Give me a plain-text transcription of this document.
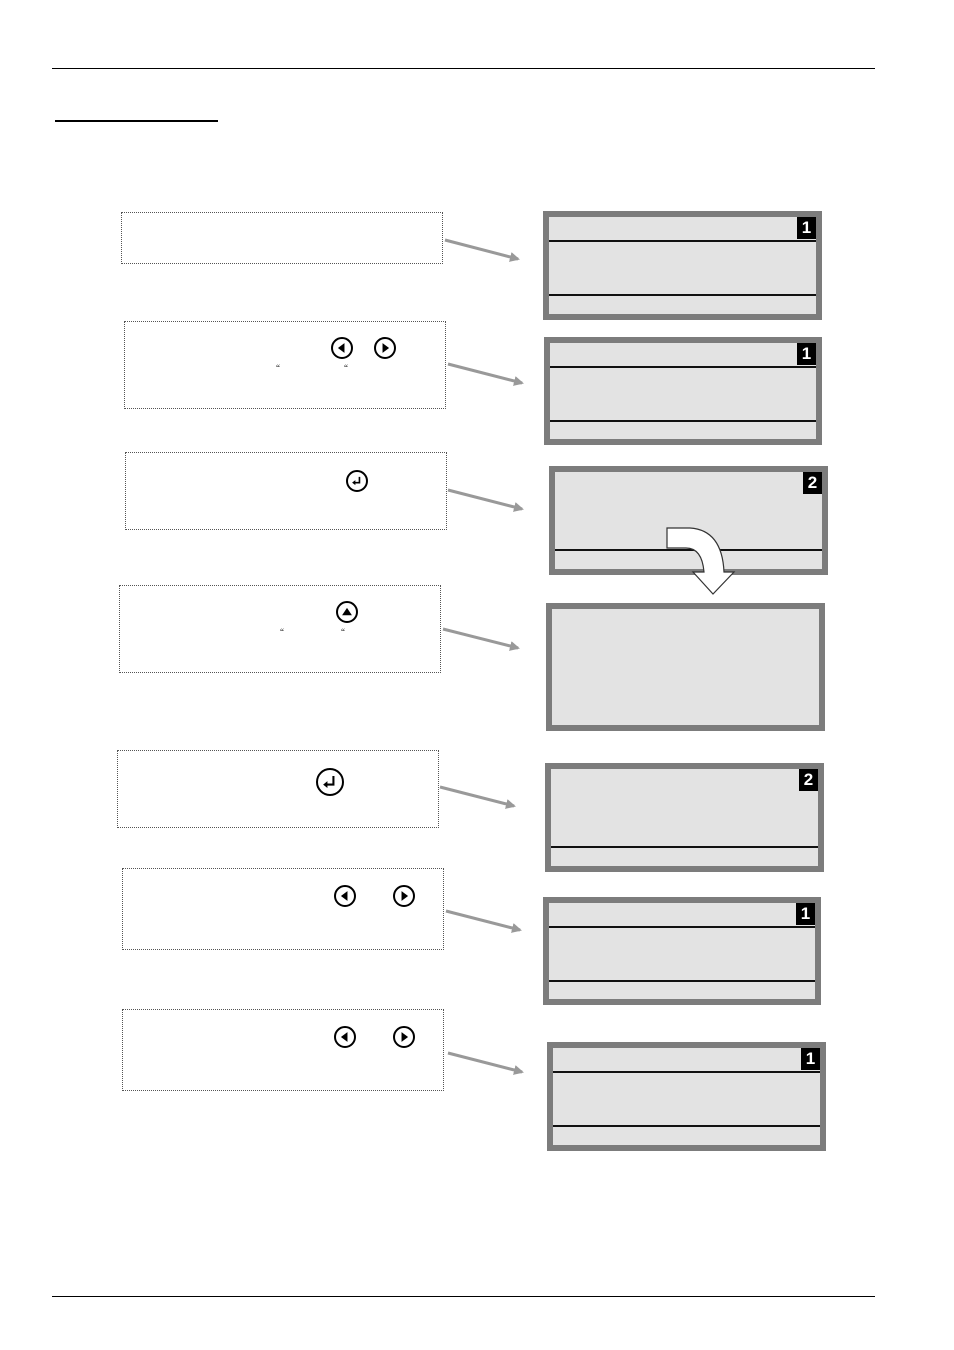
“	“
“	“
1
1
2
2
1
1
